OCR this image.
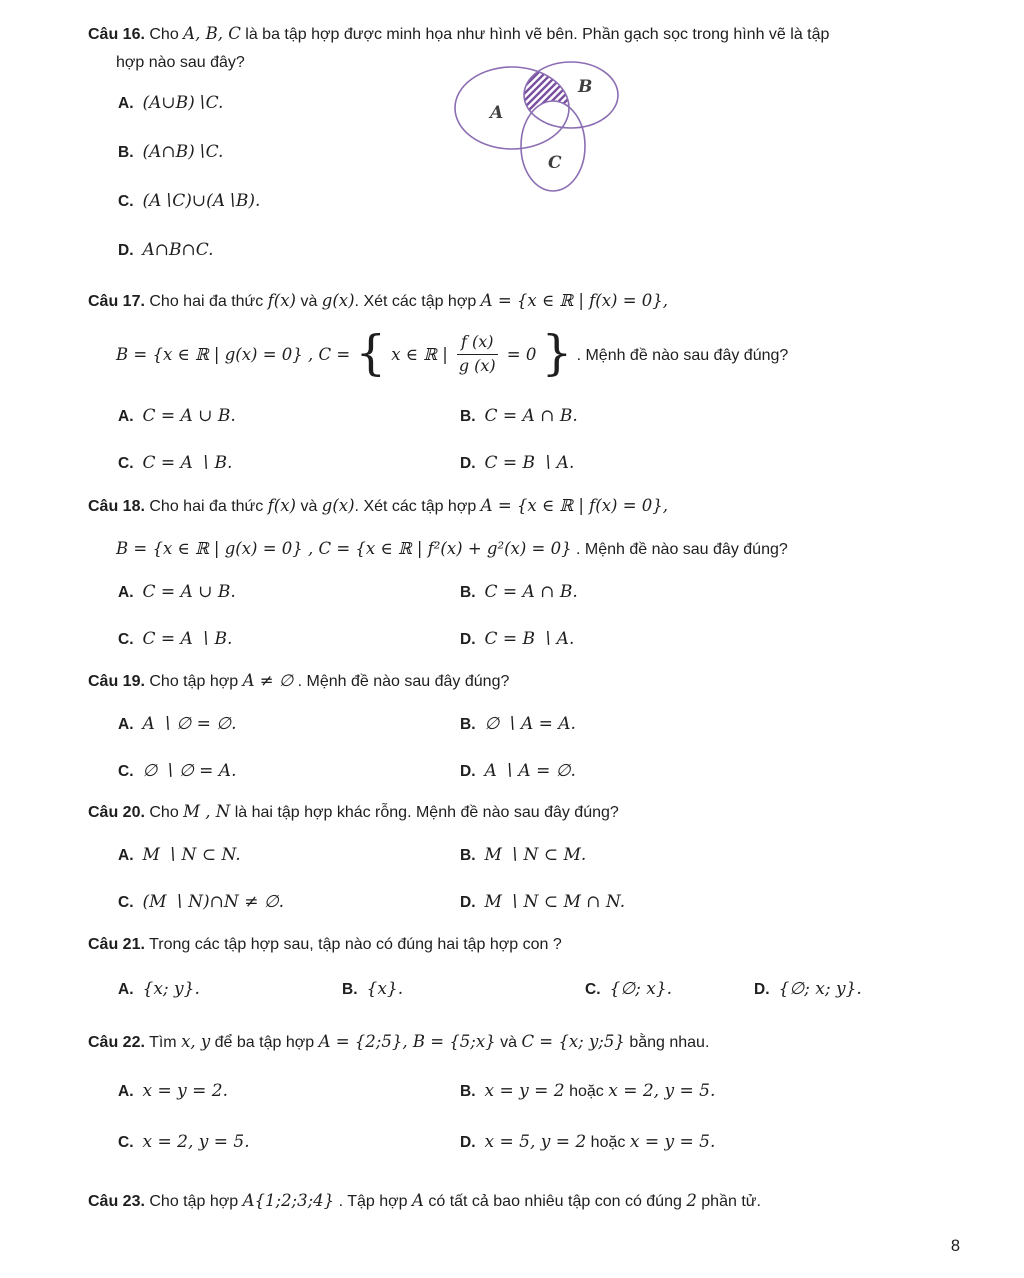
Câu 16. Cho A, B, C là ba tập hợp được minh họa như hình vẽ bên. Phần gạch sọc trong hình vẽ là tập
hợp nào sau đây?
A. (A∪B)∖C.
B. (A∩B)∖C.
C. (A∖C)∪(A∖B).
D. A∩B∩C.
A
B
C
Câu 17. Cho hai đa thức f(x) và g(x). Xét các tập hợp A = {x ∈ ℝ | f(x) = 0},
B = {x ∈ ℝ | g(x) = 0} , C = { x ∈ ℝ | $\frac{f (x)}{g (x)} = 0$ } . Mệnh đề nào sau đây đúng?
A. C = A ∪ B.	B. C = A ∩ B.
C. C = A ∖ B.	D. C = B ∖ A.
Câu 18. Cho hai đa thức f(x) và g(x). Xét các tập hợp A = {x ∈ ℝ | f(x) = 0},
B = {x ∈ ℝ | g(x) = 0} , C = {x ∈ ℝ | f²(x) + g²(x) = 0} . Mệnh đề nào sau đây đúng?
A. C = A ∪ B.	B. C = A ∩ B.
C. C = A ∖ B.	D. C = B ∖ A.
Câu 19. Cho tập hợp A ≠ ∅ . Mệnh đề nào sau đây đúng?
A. A ∖ ∅ = ∅.	B. ∅ ∖ A = A.
C. ∅ ∖ ∅ = A.	D. A ∖ A = ∅.
Câu 20. Cho M , N là hai tập hợp khác rỗng. Mệnh đề nào sau đây đúng?
A. M ∖ N ⊂ N.	B. M ∖ N ⊂ M.
C. (M ∖ N)∩N ≠ ∅.	D. M ∖ N ⊂ M ∩ N.
Câu 21. Trong các tập hợp sau, tập nào có đúng hai tập hợp con ?
A. {x; y}.	B. {x}.	C. {∅; x}.	D. {∅; x; y}.
Câu 22. Tìm x, y để ba tập hợp A = {2;5}, B = {5;x} và C = {x; y;5} bằng nhau.
A. x = y = 2.	B. x = y = 2 hoặc x = 2, y = 5.
C. x = 2, y = 5.	D. x = 5, y = 2 hoặc x = y = 5.
Câu 23. Cho tập hợp A{1;2;3;4} . Tập hợp A có tất cả bao nhiêu tập con có đúng 2 phần tử.
8
